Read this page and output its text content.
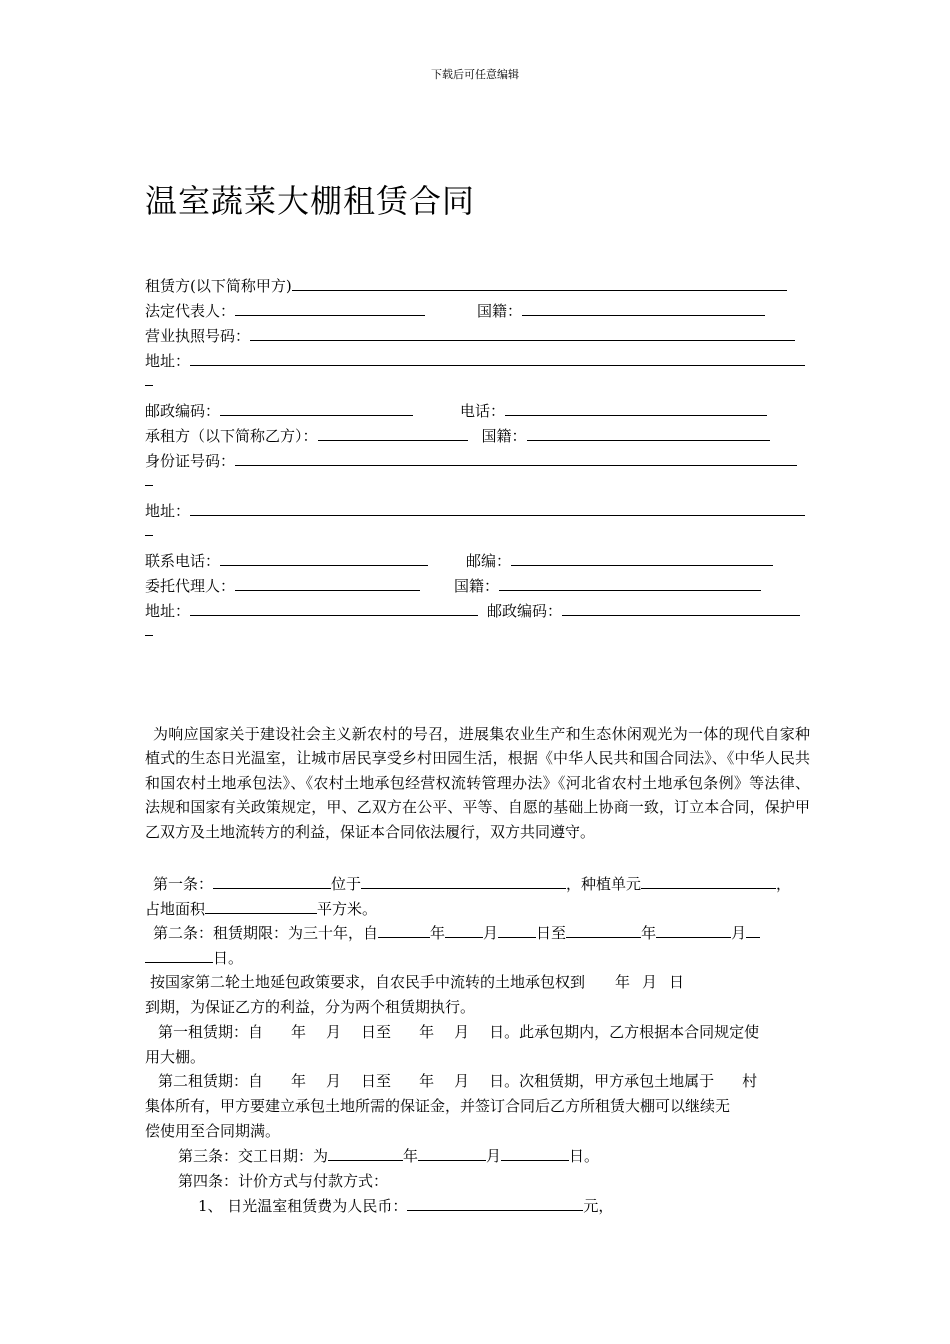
下载后可任意编辑
温室蔬菜大棚租赁合同
租赁方(以下简称甲方)
法定代表人：	国籍：
营业执照号码：
地址：
邮政编码：	电话：
承租方（以下简称乙方）：	国籍：
身份证号码：
地址：
联系电话：	邮编：
委托代理人：	国籍：
地址：	邮政编码：
为响应国家关于建设社会主义新农村的号召，进展集农业生产和生态休闲观光为一体的现代自家种植式的生态日光温室，让城市居民享受乡村田园生活，根据《中华人民共和国合同法》、《中华人民共和国农村土地承包法》、《农村土地承包经营权流转管理办法》《河北省农村土地承包条例》等法律、法规和国家有关政策规定，甲、乙双方在公平、平等、自愿的基础上协商一致，订立本合同，保护甲乙双方及土地流转方的利益，保证本合同依法履行，双方共同遵守。
第一条：	位于	，种植单元	，
占地面积	平方米。
第二条：租赁期限：为三十年，自	年	月	日至	年	月
日。
按国家第二轮土地延包政策要求，自农民手中流转的土地承包权到 年 月 日
到期，为保证乙方的利益，分为两个租赁期执行。
第一租赁期：自 年 月 日至 年 月 日。此承包期内，乙方根据本合同规定使
用大棚。
第二租赁期：自 年 月 日至 年 月 日。次租赁期，甲方承包土地属于 村
集体所有，甲方要建立承包土地所需的保证金，并签订合同后乙方所租赁大棚可以继续无
偿使用至合同期满。
第三条：交工日期：为	年	月	日。
第四条：计价方式与付款方式：
1、 日光温室租赁费为人民币：	元，
